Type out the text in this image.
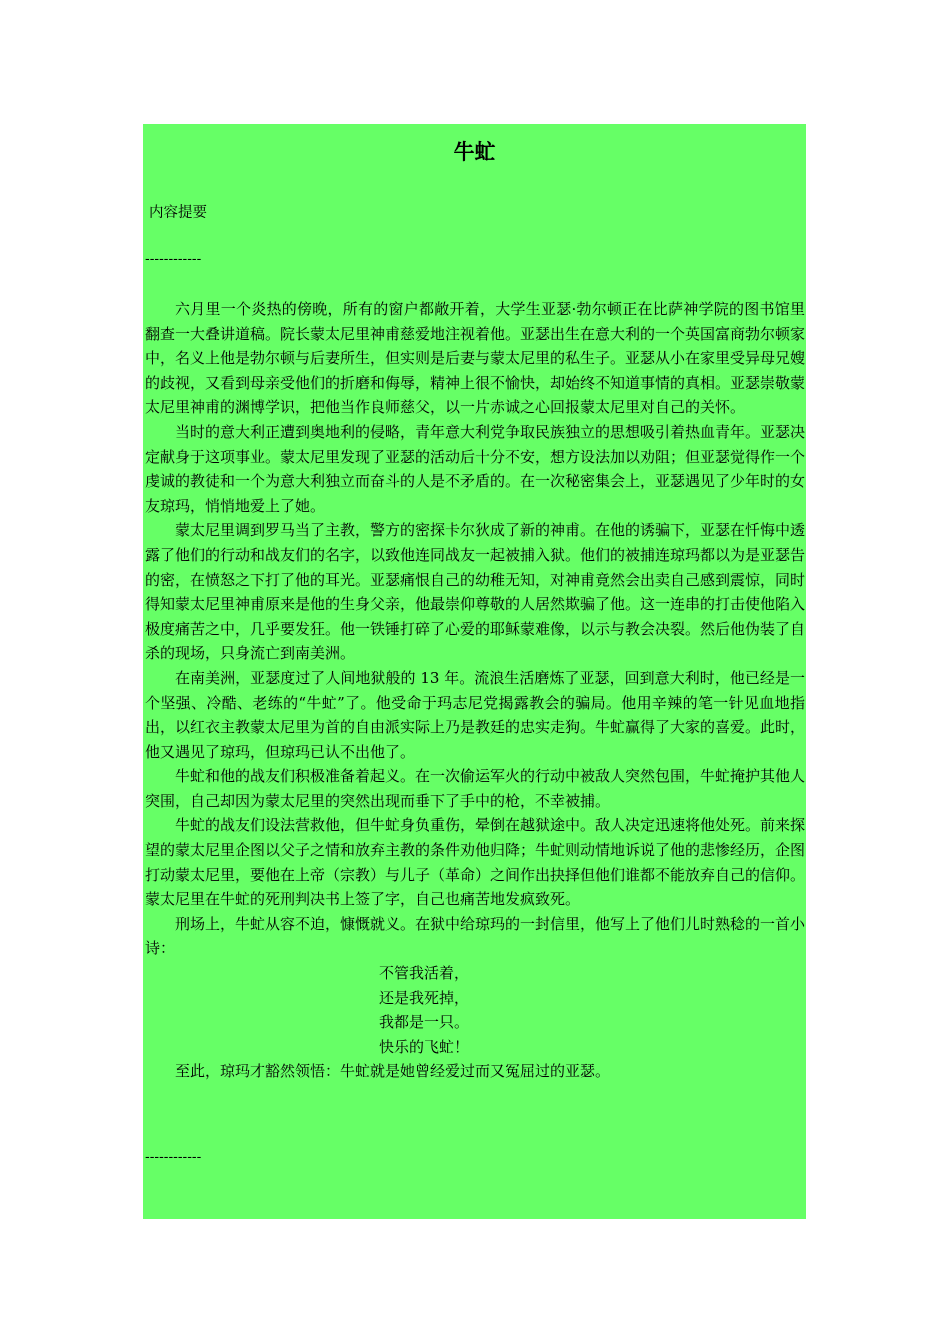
牛虻
内容提要
------------

六月里一个炎热的傍晚，所有的窗户都敞开着，大学生亚瑟·勃尔顿正在比萨神学院的图书馆里翻查一大叠讲道稿。院长蒙太尼里神甫慈爱地注视着他。亚瑟出生在意大利的一个英国富商勃尔顿家中，名义上他是勃尔顿与后妻所生，但实则是后妻与蒙太尼里的私生子。亚瑟从小在家里受异母兄嫂的歧视，又看到母亲受他们的折磨和侮辱，精神上很不愉快，却始终不知道事情的真相。亚瑟崇敬蒙太尼里神甫的渊博学识，把他当作良师慈父，以一片赤诚之心回报蒙太尼里对自己的关怀。

当时的意大利正遭到奥地利的侵略，青年意大利党争取民族独立的思想吸引着热血青年。亚瑟决定献身于这项事业。蒙太尼里发现了亚瑟的活动后十分不安，想方设法加以劝阻；但亚瑟觉得作一个虔诚的教徒和一个为意大利独立而奋斗的人是不矛盾的。在一次秘密集会上，亚瑟遇见了少年时的女友琼玛，悄悄地爱上了她。

蒙太尼里调到罗马当了主教，警方的密探卡尔狄成了新的神甫。在他的诱骗下，亚瑟在忏悔中透露了他们的行动和战友们的名字，以致他连同战友一起被捕入狱。他们的被捕连琼玛都以为是亚瑟告的密，在愤怒之下打了他的耳光。亚瑟痛恨自己的幼稚无知，对神甫竟然会出卖自己感到震惊，同时得知蒙太尼里神甫原来是他的生身父亲，他最崇仰尊敬的人居然欺骗了他。这一连串的打击使他陷入极度痛苦之中，几乎要发狂。他一铁锤打碎了心爱的耶稣蒙难像，以示与教会决裂。然后他伪装了自杀的现场，只身流亡到南美洲。

在南美洲，亚瑟度过了人间地狱般的 13 年。流浪生活磨炼了亚瑟，回到意大利时，他已经是一个坚强、冷酷、老练的“牛虻”了。他受命于玛志尼党揭露教会的骗局。他用辛辣的笔一针见血地指出，以红衣主教蒙太尼里为首的自由派实际上乃是教廷的忠实走狗。牛虻赢得了大家的喜爱。此时，他又遇见了琼玛，但琼玛已认不出他了。

牛虻和他的战友们积极准备着起义。在一次偷运军火的行动中被敌人突然包围，牛虻掩护其他人突围，自己却因为蒙太尼里的突然出现而垂下了手中的枪，不幸被捕。

牛虻的战友们设法营救他，但牛虻身负重伤，晕倒在越狱途中。敌人决定迅速将他处死。前来探望的蒙太尼里企图以父子之情和放弃主教的条件劝他归降；牛虻则动情地诉说了他的悲惨经历，企图打动蒙太尼里，要他在上帝（宗教）与儿子（革命）之间作出抉择但他们谁都不能放弃自己的信仰。蒙太尼里在牛虻的死刑判决书上签了字，自己也痛苦地发疯致死。

刑场上，牛虻从容不迫，慷慨就义。在狱中给琼玛的一封信里，他写上了他们儿时熟稔的一首小诗：

不管我活着，
还是我死掉，
我都是一只。
快乐的飞虻！

至此，琼玛才豁然领悟：牛虻就是她曾经爱过而又冤屈过的亚瑟。

------------
